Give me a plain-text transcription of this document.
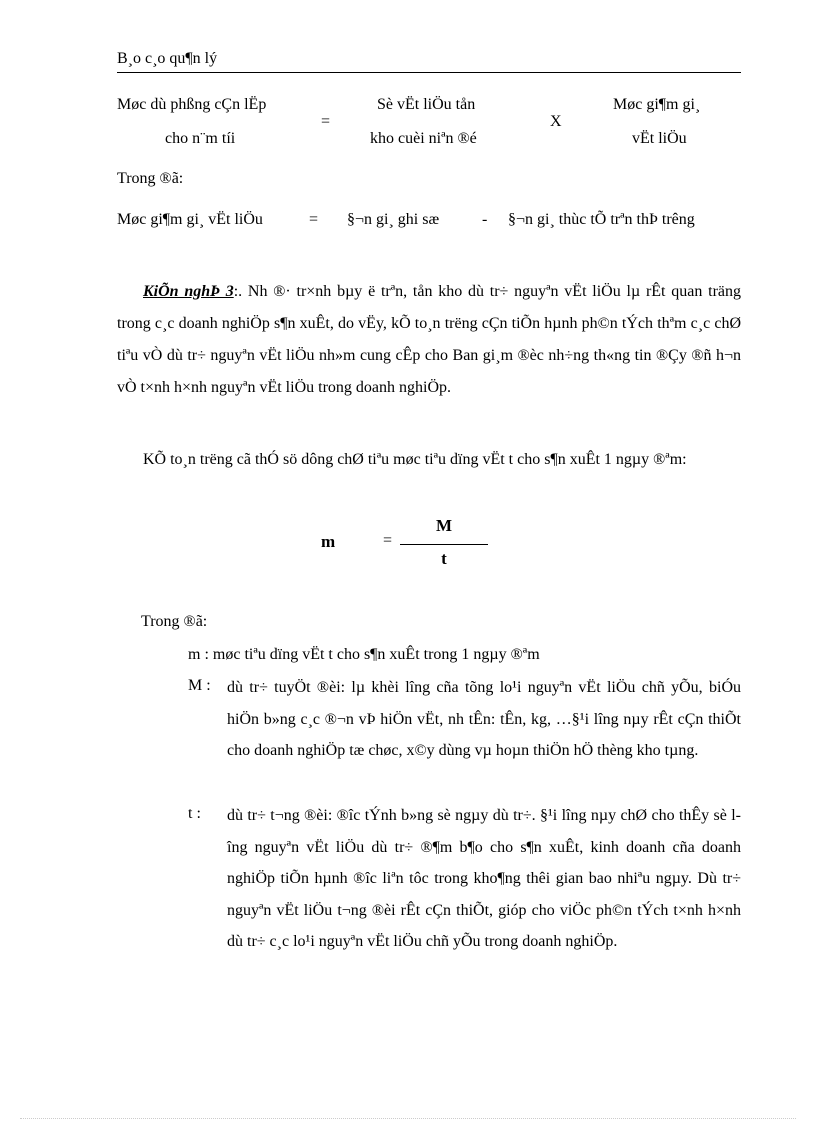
B¸o c¸o qu¶n lý
Møc dù phßng cÇn lËp
cho n¨m tíi
=
Sè vËt liÖu tån
kho cuèi niªn ®é
X
Møc gi¶m gi¸
vËt liÖu
Trong ®ã:
Møc gi¶m gi¸ vËt liÖu	= §¬n gi¸ ghi sæ	- §¬n gi¸ thùc tÕ trªn thÞ trêng
KiÕn nghÞ 3:. Nh ®· tr×nh bµy ë trªn, tån kho dù tr÷ nguyªn vËt liÖu lµ rÊt quan träng trong c¸c doanh nghiÖp s¶n xuÊt, do vËy, kÕ to¸n trëng cÇn tiÕn hµnh ph©n tÝch thªm c¸c chØ tiªu vÒ dù tr÷ nguyªn vËt liÖu nh»m cung cÊp cho Ban gi¸m ®èc nh÷ng th«ng tin ®Çy ®ñ h¬n vÒ t×nh h×nh nguyªn vËt liÖu trong doanh nghiÖp.
KÕ to¸n trëng cã thÓ sö dông chØ tiªu møc tiªu dïng vËt t cho s¶n xuÊt 1 ngµy ®ªm:
m	=
M
t
Trong ®ã:
m : møc tiªu dïng vËt t cho s¶n xuÊt trong 1 ngµy ®ªm
M : dù tr÷ tuyÖt ®èi: lµ khèi lîng cña tõng lo¹i nguyªn vËt liÖu chñ yÕu, biÓu hiÖn b»ng c¸c ®¬n vÞ hiÖn vËt, nh tÊn: tÊn, kg, …§¹i lîng nµy rÊt cÇn thiÕt cho doanh nghiÖp tæ chøc, x©y dùng vµ hoµn thiÖn hÖ thèng kho tµng.
t : dù tr÷ t¬ng ®èi: ®îc tÝnh b»ng sè ngµy dù tr÷. §¹i lîng nµy chØ cho thÊy sè lîng nguyªn vËt liÖu dù tr÷ ®¶m b¶o cho s¶n xuÊt, kinh doanh cña doanh nghiÖp tiÕn hµnh ®îc liªn tôc trong kho¶ng thêi gian bao nhiªu ngµy. Dù tr÷ nguyªn vËt liÖu t¬ng ®èi rÊt cÇn thiÕt, gióp cho viÖc ph©n tÝch t×nh h×nh dù tr÷ c¸c lo¹i nguyªn vËt liÖu chñ yÕu trong doanh nghiÖp.
